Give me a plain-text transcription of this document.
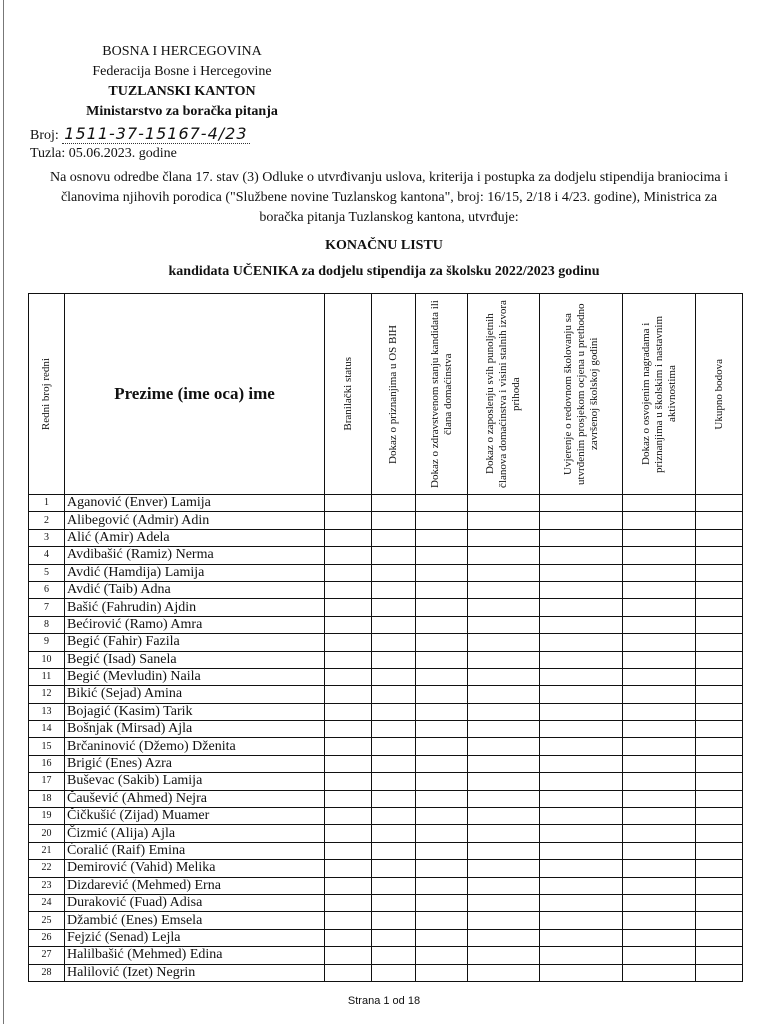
BOSNA I HERCEGOVINA
Federacija Bosne i Hercegovine
TUZLANSKI KANTON
Ministarstvo za boračka pitanja
Broj: 1511-37-15167-4/23
Tuzla: 05.06.2023. godine
Na osnovu odredbe člana 17. stav (3) Odluke o utvrđivanju uslova, kriterija i postupka za dodjelu stipendija braniocima i članovima njihovih porodica ("Službene novine Tuzlanskog kantona", broj: 16/15, 2/18 i 4/23. godine), Ministrica za boračka pitanja Tuzlanskog kantona, utvrđuje:
KONAČNU LISTU
kandidata UČENIKA za dodjelu stipendija za školsku 2022/2023 godinu
Redni broj redni	Prezime (ime oca) ime	Branilački status	Dokaz o priznanjima u OS BIH	Dokaz o zdravstvenom stanju kandidata ili člana domaćinstva	Dokaz o zaposlenju svih punoljetnih članova domaćinstva i visini stalnih izvora prihoda	Uvjerenje o redovnom školovanju sa utvrđenim prosjekom ocjena u prethodno završenoj školskoj godini	Dokaz o osvojenim nagradama i priznanjima u školskim i nastavnim aktivnostima	Ukupno bodova

1	Aganović (Enver) Lamija							
2	Alibegović (Admir) Adin							
3	Alić (Amir) Adela							
4	Avdibašić (Ramiz) Nerma							
5	Avdić (Hamdija) Lamija							
6	Avdić (Taib) Adna							
7	Bašić (Fahrudin) Ajdin							
8	Bećirović (Ramo) Amra							
9	Begić (Fahir) Fazila							
10	Begić (Isad) Sanela							
11	Begić (Mevludin) Naila							
12	Bikić (Sejad) Amina							
13	Bojagić (Kasim) Tarik							
14	Bošnjak (Mirsad) Ajla							
15	Brčaninović (Džemo) Dženita							
16	Brigić (Enes) Azra							
17	Buševac (Sakib) Lamija							
18	Čaušević (Ahmed) Nejra							
19	Čičkušić (Zijad) Muamer							
20	Čizmić (Alija) Ajla							
21	Ćoralić (Raif) Emina							
22	Demirović (Vahid) Melika							
23	Dizdarević (Mehmed) Erna							
24	Duraković (Fuad) Adisa							
25	Džambić (Enes) Emsela							
26	Fejzić (Senad) Lejla							
27	Halilbašić (Mehmed) Edina							
28	Halilović (Izet) Negrin							
Strana 1 od 18
